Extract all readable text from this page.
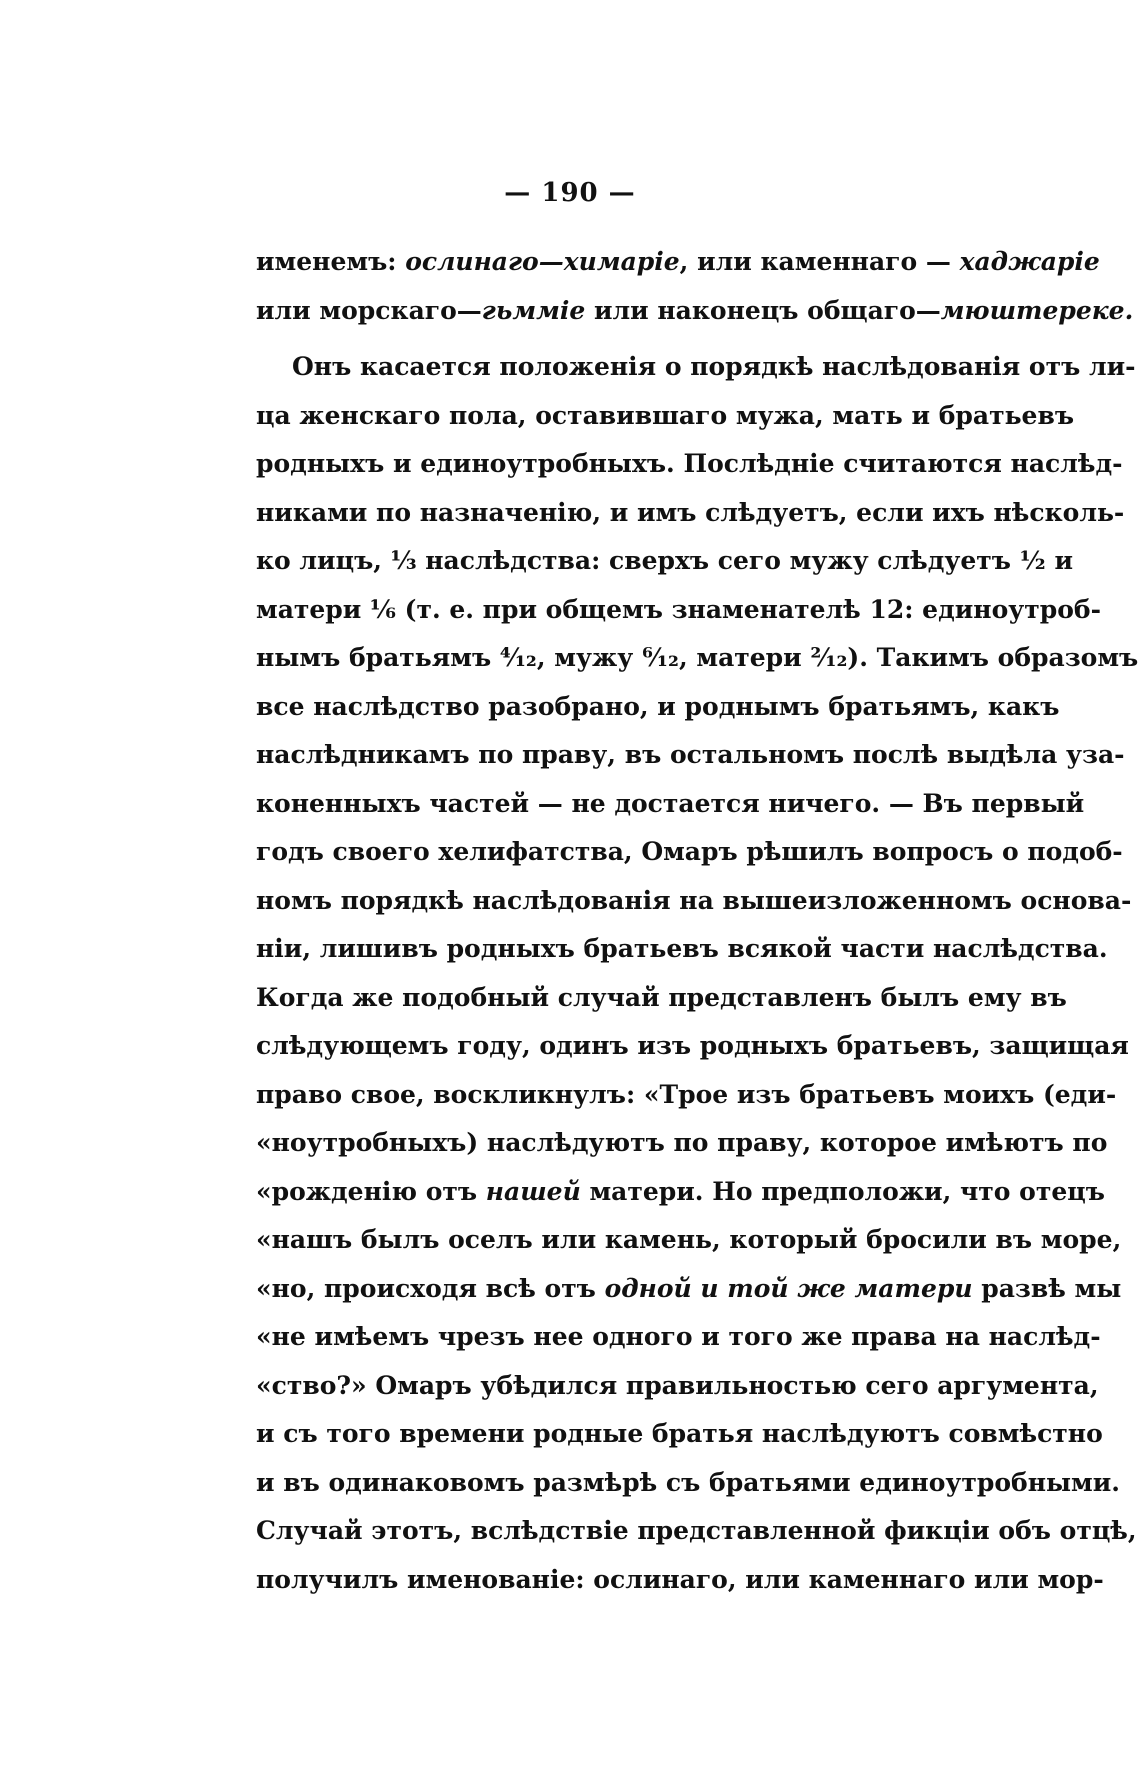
— 190 —
именемъ: ослинаго—химаріе, или каменнаго — хаджаріе
или морскаго—гьммiе или наконецъ общаго—мюштереке.
Онъ касается положенія о порядкѣ наслѣдованія отъ ли-
ца женскаго пола, оставившаго мужа, мать и братьевъ
родныхъ и единоутробныхъ. Послѣдніе считаются наслѣд-
никами по назначенію, и имъ слѣдуетъ, если ихъ нѣсколь-
ко лицъ, ⅓ наслѣдства: сверхъ сего мужу слѣдуетъ ½ и
матери ⅙ (т. е. при общемъ знаменателѣ 12: единоутроб-
нымъ братьямъ ⁴⁄₁₂, мужу ⁶⁄₁₂, матери ²⁄₁₂). Такимъ образомъ
все наслѣдство разобрано, и роднымъ братьямъ, какъ
наслѣдникамъ по праву, въ остальномъ послѣ выдѣла уза-
коненныхъ частей — не достается ничего. — Въ первый
годъ своего хелифатства, Омаръ рѣшилъ вопросъ о подоб-
номъ порядкѣ наслѣдованія на вышеизложенномъ основа-
ніи, лишивъ родныхъ братьевъ всякой части наслѣдства.
Когда же подобный случай представленъ былъ ему въ
слѣдующемъ году, одинъ изъ родныхъ братьевъ, защищая
право свое, воскликнулъ: «Трое изъ братьевъ моихъ (еди-
«ноутробныхъ) наслѣдуютъ по праву, которое имѣютъ по
«рожденію отъ нашей матери. Но предположи, что отецъ
«нашъ былъ оселъ или камень, который бросили въ море,
«но, происходя всѣ отъ одной и той же матери развѣ мы
«не имѣемъ чрезъ нее одного и того же права на наслѣд-
«ство?» Омаръ убѣдился правильностью сего аргумента,
и съ того времени родные братья наслѣдуютъ совмѣстно
и въ одинаковомъ размѣрѣ съ братьями единоутробными.
Случай этотъ, вслѣдствіе представленной фикціи объ отцѣ,
получилъ именованіе: ослинаго, или каменнаго или мор-
